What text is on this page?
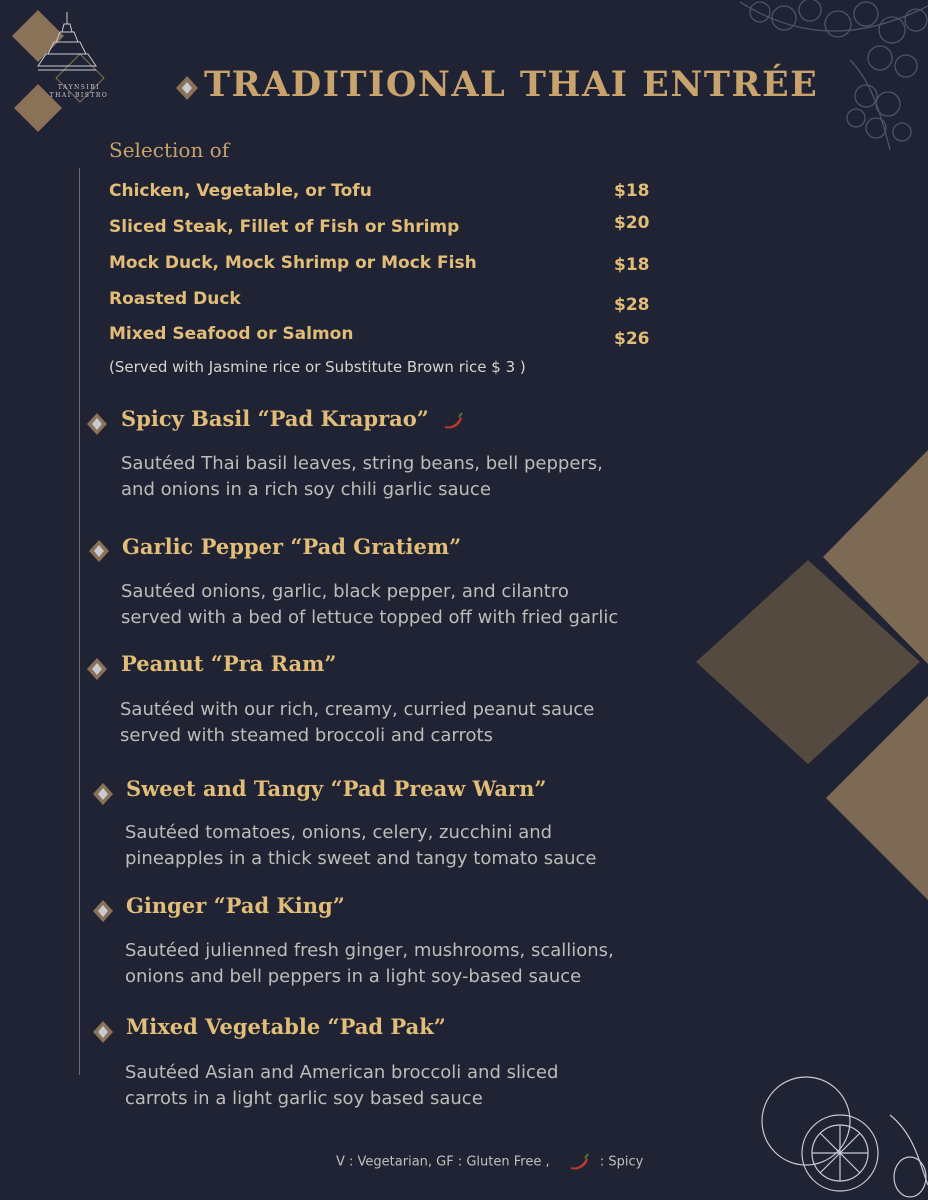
TAYNSIRI
THAI BISTRO	TRADITIONAL THAI ENTRÉE
Selection of
Chicken, Vegetable, or Tofu	$18
Sliced Steak, Fillet of Fish or Shrimp	$20
Mock Duck, Mock Shrimp or Mock Fish	$18
Roasted Duck	$28
Mixed Seafood or Salmon	$26
(Served with Jasmine rice or Substitute Brown rice $ 3 )
Spicy Basil “Pad Kraprao”
Sautéed Thai basil leaves, string beans, bell peppers,
and onions in a rich soy chili garlic sauce
Garlic Pepper “Pad Gratiem”
Sautéed onions, garlic, black pepper, and cilantro
served with a bed of lettuce topped off with fried garlic
Peanut “Pra Ram”
Sautéed with our rich, creamy, curried peanut sauce
served with steamed broccoli and carrots
Sweet and Tangy “Pad Preaw Warn”
Sautéed tomatoes, onions, celery, zucchini and
pineapples in a thick sweet and tangy tomato sauce
Ginger “Pad King”
Sautéed julienned fresh ginger, mushrooms, scallions,
onions and bell peppers in a light soy-based sauce
Mixed Vegetable “Pad Pak”
Sautéed Asian and American broccoli and sliced
carrots in a light garlic soy based sauce
V : Vegetarian, GF : Gluten Free ,	: Spicy
